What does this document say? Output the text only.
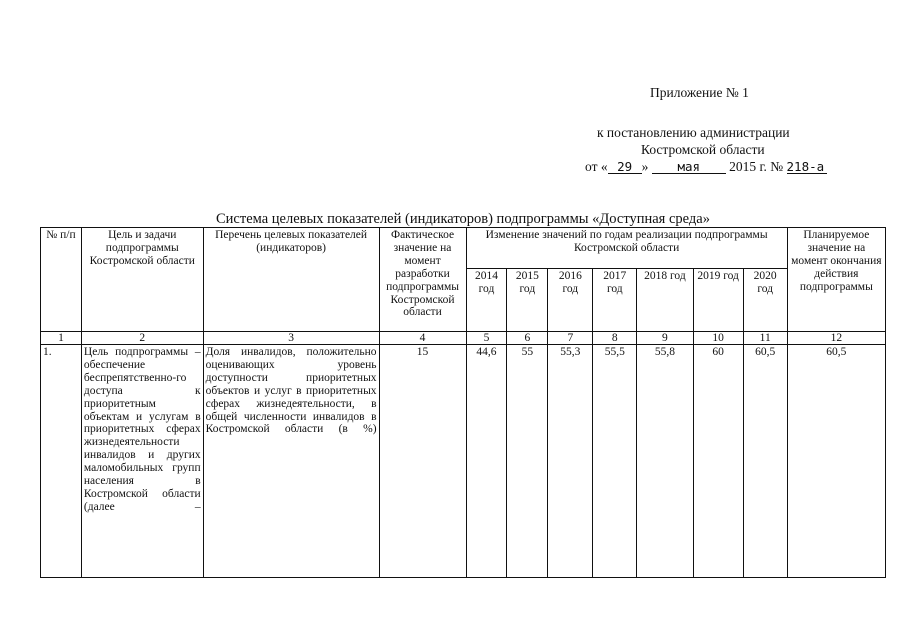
Приложение № 1
к постановлению администрации
Костромской области
от « 29 » мая 2015 г. № 218-а
Система целевых показателей (индикаторов) подпрограммы «Доступная среда»
№ п/п	Цель и задачи подпрограммы Костромской области	Перечень целевых показателей (индикаторов)	Фактическое значение на момент разработки подпрограммы Костромской области	Изменение значений по годам реализации подпрограммы Костромской области							Планируемое значение на момент окончания действия подпрограммы
				2014 год	2015 год	2016 год	2017 год	2018 год	2019 год	2020 год	
1	2	3	4	5	6	7	8	9	10	11	12
1.	Цель подпрограммы – обеспечение беспрепятственно-го доступа к приоритетным объектам и услугам в приоритетных сферах жизнедеятельности инвалидов и других маломобильных групп населения в Костромской области (далее –	Доля инвалидов, положительно оценивающих уровень доступности приоритетных объектов и услуг в приоритетных сферах жизнедеятельности, в общей численности инвалидов в Костромской области (в %)	15	44,6	55	55,3	55,5	55,8	60	60,5	60,5
